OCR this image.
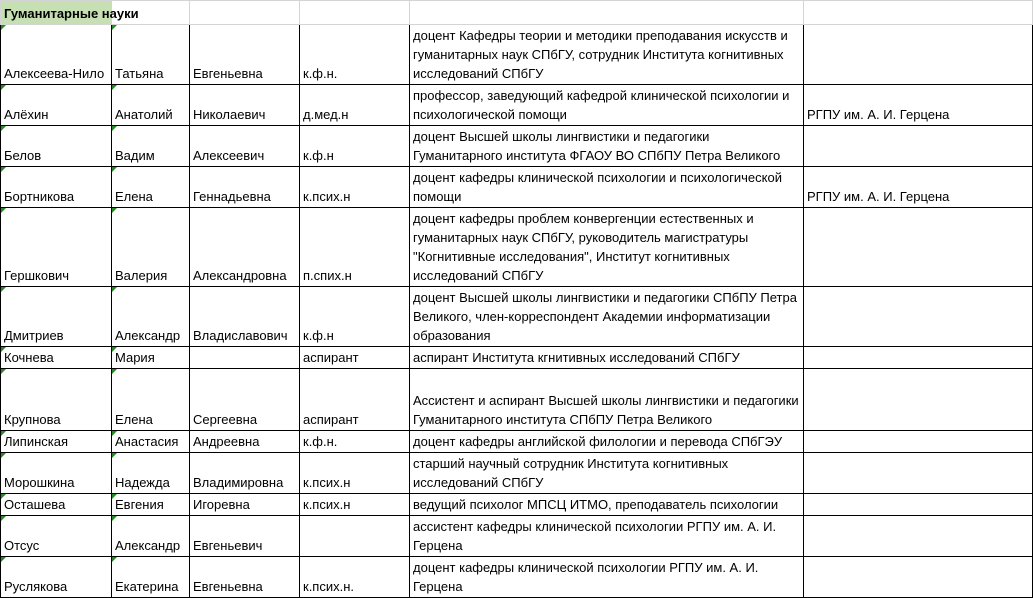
Гуманитарные науки					
Алексеева-Нило	Татьяна	Евгеньевна	к.ф.н.	доцент Кафедры теории и методики преподавания искусств и гуманитарных наук СПбГУ, сотрудник Института когнитивных исследований СПбГУ	
Алёхин	Анатолий	Николаевич	д.мед.н	профессор, заведующий кафедрой клинической психологии и психологической помощи	РГПУ им. А. И. Герцена
Белов	Вадим	Алексеевич	к.ф.н	доцент Высшей школы лингвистики и педагогики Гуманитарного института ФГАОУ ВО СПбПУ Петра Великого	
Бортникова	Елена	Геннадьевна	к.псих.н	доцент кафедры клинической психологии и психологической помощи	РГПУ им. А. И. Герцена
Гершкович	Валерия	Александровна	п.спих.н	доцент кафедры проблем конвергенции естественных и гуманитарных наук СПбГУ, руководитель магистратуры "Когнитивные исследования", Институт когнитивных исследований СПбГУ	
Дмитриев	Александр	Владиславович	к.ф.н	доцент Высшей школы лингвистики и педагогики СПбПУ Петра Великого, член-корреспондент Академии информатизации образования	
Кочнева	Мария		аспирант	аспирант Института кгнитивных исследований СПбГУ	
Крупнова	Елена	Сергеевна	аспирант	Ассистент и аспирант Высшей школы лингвистики и педагогики Гуманитарного института СПбПУ Петра Великого	
Липинская	Анастасия	Андреевна	к.ф.н.	доцент кафедры английской филологии и перевода СПбГЭУ	
Морошкина	Надежда	Владимировна	к.псих.н	старший научный сотрудник Института когнитивных исследований СПбГУ	
Осташева	Евгения	Игоревна	к.псих.н	ведущий психолог МПСЦ ИТМО, преподаватель психологии	
Отсус	Александр	Евгеньевич		ассистент кафедры клинической психологии РГПУ им. А. И. Герцена	
Руслякова	Екатерина	Евгеньевна	к.псих.н.	доцент кафедры клинической психологии РГПУ им. А. И. Герцена	
